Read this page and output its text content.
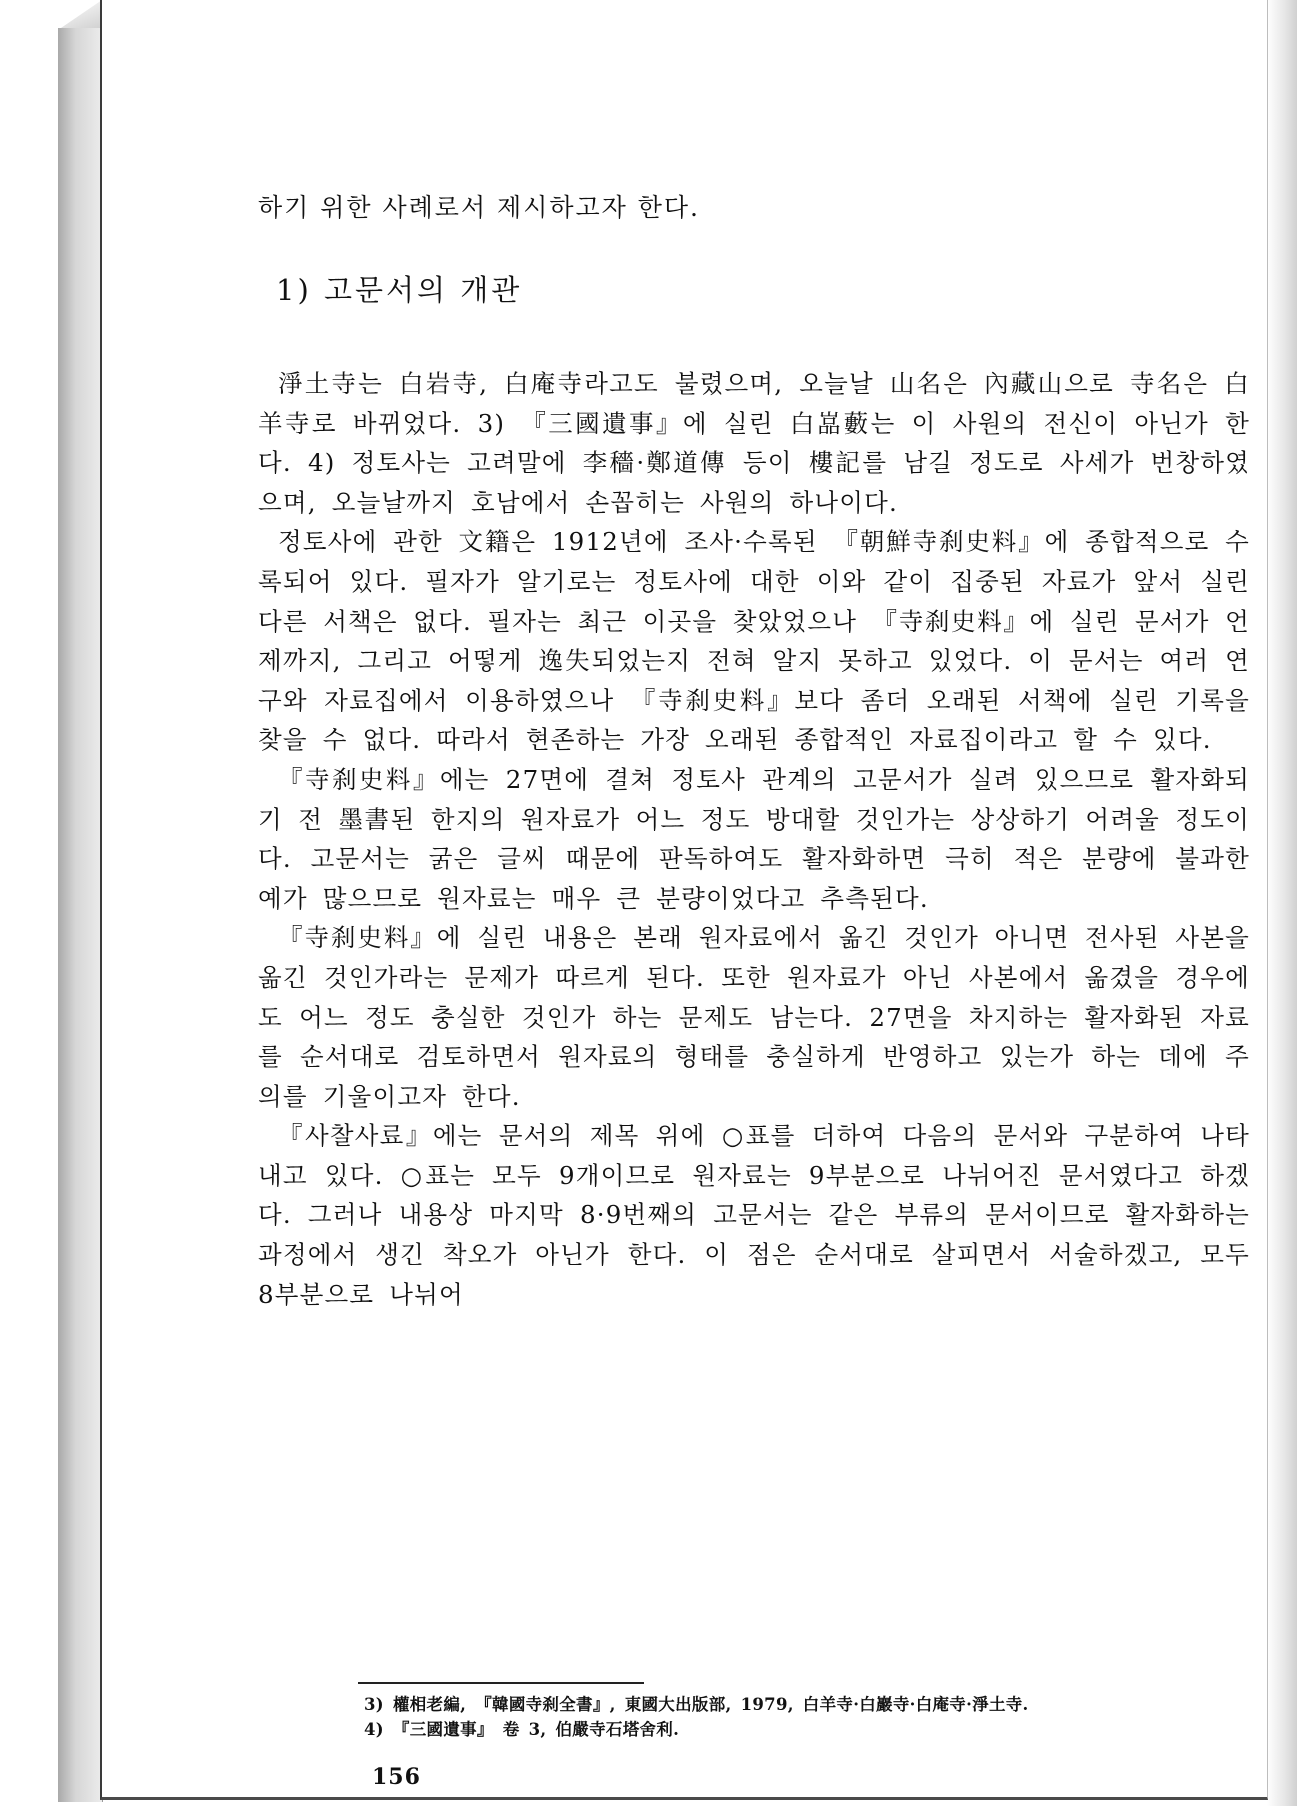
하기 위한 사례로서 제시하고자 한다.

1) 고문서의 개관

淨土寺는 白岩寺, 白庵寺라고도 불렸으며, 오늘날 山名은 內藏山으로 寺名은 白羊寺로 바뀌었다. 3) 『三國遺事』에 실린 白嵓藪는 이 사원의 전신이 아닌가 한다. 4) 정토사는 고려말에 李穡·鄭道傳 등이 樓記를 남길 정도로 사세가 번창하였으며, 오늘날까지 호남에서 손꼽히는 사원의 하나이다.

정토사에 관한 文籍은 1912년에 조사·수록된 『朝鮮寺刹史料』에 종합적으로 수록되어 있다. 필자가 알기로는 정토사에 대한 이와 같이 집중된 자료가 앞서 실린 다른 서책은 없다. 필자는 최근 이곳을 찾았었으나 『寺刹史料』에 실린 문서가 언제까지, 그리고 어떻게 逸失되었는지 전혀 알지 못하고 있었다. 이 문서는 여러 연구와 자료집에서 이용하였으나 『寺刹史料』보다 좀더 오래된 서책에 실린 기록을 찾을 수 없다. 따라서 현존하는 가장 오래된 종합적인 자료집이라고 할 수 있다.

『寺刹史料』에는 27면에 결쳐 정토사 관계의 고문서가 실려 있으므로 활자화되기 전 墨書된 한지의 원자료가 어느 정도 방대할 것인가는 상상하기 어려울 정도이다. 고문서는 굵은 글씨 때문에 판독하여도 활자화하면 극히 적은 분량에 불과한 예가 많으므로 원자료는 매우 큰 분량이었다고 추측된다.

『寺刹史料』에 실린 내용은 본래 원자료에서 옮긴 것인가 아니면 전사된 사본을 옮긴 것인가라는 문제가 따르게 된다. 또한 원자료가 아닌 사본에서 옮겼을 경우에도 어느 정도 충실한 것인가 하는 문제도 남는다. 27면을 차지하는 활자화된 자료를 순서대로 검토하면서 원자료의 형태를 충실하게 반영하고 있는가 하는 데에 주의를 기울이고자 한다.

『사찰사료』에는 문서의 제목 위에 ○표를 더하여 다음의 문서와 구분하여 나타내고 있다. ○표는 모두 9개이므로 원자료는 9부분으로 나뉘어진 문서였다고 하겠다. 그러나 내용상 마지막 8·9번째의 고문서는 같은 부류의 문서이므로 활자화하는 과정에서 생긴 착오가 아닌가 한다. 이 점은 순서대로 살피면서 서술하겠고, 모두 8부분으로 나뉘어

3) 權相老編, 『韓國寺刹全書』, 東國大出版部, 1979, 白羊寺·白巖寺·白庵寺·淨土寺.

4) 『三國遺事』 卷 3, 伯嚴寺石塔舍利.

156
